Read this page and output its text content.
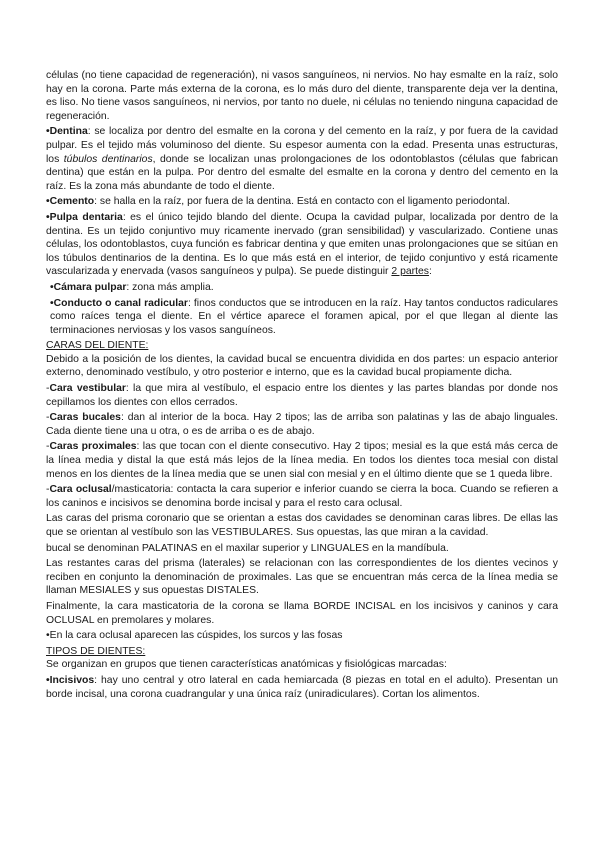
células (no tiene capacidad de regeneración), ni vasos sanguíneos, ni nervios. No hay esmalte en la raíz, solo hay en la corona. Parte más externa de la corona, es lo más duro del diente, transparente deja ver la dentina, es liso. No tiene vasos sanguíneos, ni nervios, por tanto no duele, ni células no teniendo ninguna capacidad de regeneración.

•Dentina: se localiza por dentro del esmalte en la corona y del cemento en la raíz, y por fuera de la cavidad pulpar. Es el tejido más voluminoso del diente. Su espesor aumenta con la edad. Presenta unas estructuras, los túbulos dentinarios, donde se localizan unas prolongaciones de los odontoblastos (células que fabrican dentina) que están en la pulpa. Por dentro del esmalte del esmalte en la corona y dentro del cemento en la raíz. Es la zona más abundante de todo el diente.

•Cemento: se halla en la raíz, por fuera de la dentina. Está en contacto con el ligamento periodontal.

•Pulpa dentaria: es el único tejido blando del diente. Ocupa la cavidad pulpar, localizada por dentro de la dentina. Es un tejido conjuntivo muy ricamente inervado (gran sensibilidad) y vascularizado. Contiene unas células, los odontoblastos, cuya función es fabricar dentina y que emiten unas prolongaciones que se sitúan en los túbulos dentinarios de la dentina. Es lo que más está en el interior, de tejido conjuntivo y está ricamente vascularizada y enervada (vasos sanguíneos y pulpa). Se puede distinguir 2 partes:

•Cámara pulpar: zona más amplia.

•Conducto o canal radicular: finos conductos que se introducen en la raíz. Hay tantos conductos radiculares como raíces tenga el diente. En el vértice aparece el foramen apical, por el que llegan al diente las terminaciones nerviosas y los vasos sanguíneos.

CARAS DEL DIENTE:

Debido a la posición de los dientes, la cavidad bucal se encuentra dividida en dos partes: un espacio anterior externo, denominado vestíbulo, y otro posterior e interno, que es la cavidad bucal propiamente dicha.

-Cara vestibular: la que mira al vestíbulo, el espacio entre los dientes y las partes blandas por donde nos cepillamos los dientes con ellos cerrados.

-Caras bucales: dan al interior de la boca. Hay 2 tipos; las de arriba son palatinas y las de abajo linguales. Cada diente tiene una u otra, o es de arriba o es de abajo.

-Caras proximales: las que tocan con el diente consecutivo. Hay 2 tipos; mesial es la que está más cerca de la línea media y distal la que está más lejos de la línea media. En todos los dientes toca mesial con distal menos en los dientes de la línea media que se unen sial con mesial y en el último diente que se 1 queda libre.

-Cara oclusal/masticatoria: contacta la cara superior e inferior cuando se cierra la boca. Cuando se refieren a los caninos e incisivos se denomina borde incisal y para el resto cara oclusal.

Las caras del prisma coronario que se orientan a estas dos cavidades se denominan caras libres. De ellas las que se orientan al vestíbulo son las VESTIBULARES. Sus opuestas, las que miran a la cavidad.

bucal se denominan PALATINAS en el maxilar superior y LINGUALES en la mandíbula.

Las restantes caras del prisma (laterales) se relacionan con las correspondientes de los dientes vecinos y reciben en conjunto la denominación de proximales. Las que se encuentran más cerca de la línea media se llaman MESIALES y sus opuestas DISTALES.

Finalmente, la cara masticatoria de la corona se llama BORDE INCISAL en los incisivos y caninos y cara OCLUSAL en premolares y molares.

•En la cara oclusal aparecen las cúspides, los surcos y las fosas

TIPOS DE DIENTES:

Se organizan en grupos que tienen características anatómicas y fisiológicas marcadas:

•Incisivos: hay uno central y otro lateral en cada hemiarcada (8 piezas en total en el adulto). Presentan un borde incisal, una corona cuadrangular y una única raíz (uniradiculares). Cortan los alimentos.
